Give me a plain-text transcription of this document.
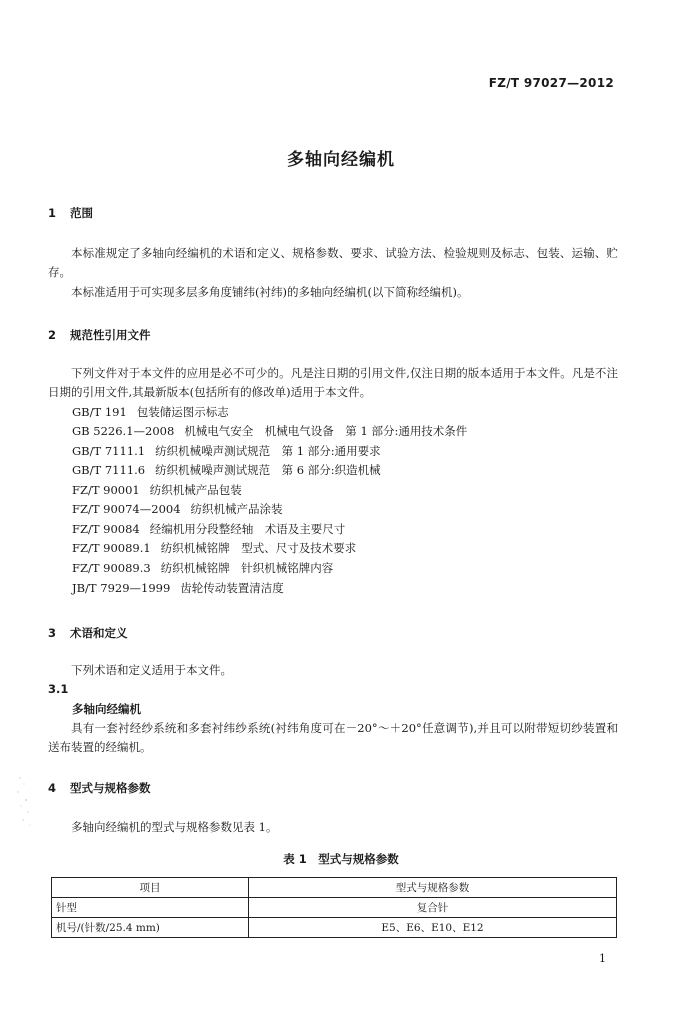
FZ/T 97027—2012
多轴向经编机
1 范围

本标准规定了多轴向经编机的术语和定义、规格参数、要求、试验方法、检验规则及标志、包装、运输、贮存。

本标准适用于可实现多层多角度铺纬(衬纬)的多轴向经编机(以下简称经编机)。

2 规范性引用文件

下列文件对于本文件的应用是必不可少的。凡是注日期的引用文件,仅注日期的版本适用于本文件。凡是不注日期的引用文件,其最新版本(包括所有的修改单)适用于本文件。

GB/T 191 包装储运图示标志
GB 5226.1—2008 机械电气安全　机械电气设备　第 1 部分:通用技术条件
GB/T 7111.1 纺织机械噪声测试规范　第 1 部分:通用要求
GB/T 7111.6 纺织机械噪声测试规范　第 6 部分:织造机械
FZ/T 90001 纺织机械产品包装
FZ/T 90074—2004 纺织机械产品涂装
FZ/T 90084 经编机用分段整经轴　术语及主要尺寸
FZ/T 90089.1 纺织机械铭牌　型式、尺寸及技术要求
FZ/T 90089.3 纺织机械铭牌　针织机械铭牌内容
JB/T 7929—1999 齿轮传动装置清洁度
3 术语和定义

下列术语和定义适用于本文件。

3.1
多轴向经编机

具有一套衬经纱系统和多套衬纬纱系统(衬纬角度可在－20°～＋20°任意调节),并且可以附带短切纱装置和送布装置的经编机。

4 型式与规格参数

多轴向经编机的型式与规格参数见表 1。

表 1　型式与规格参数
项目	型式与规格参数
针型	复合针
机号/(针数/25.4 mm)	E5、E6、E10、E12
1
